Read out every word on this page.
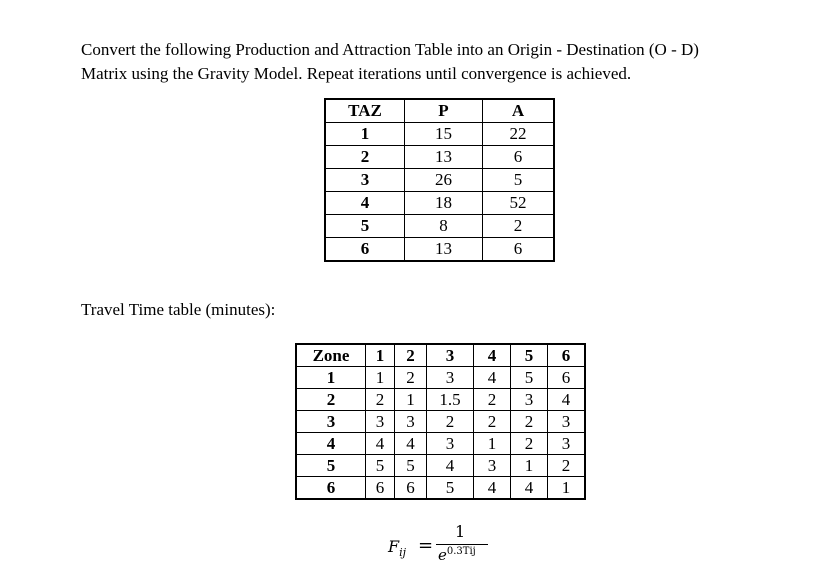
Convert the following Production and Attraction Table into an Origin - Destination (O - D)

Matrix using the Gravity Model. Repeat iterations until convergence is achieved.

TAZ	P	A
1	15	22
2	13	6
3	26	5
4	18	52
5	8	2
6	13	6
Travel Time table (minutes):
Zone	1	2	3	4	5	6
1	1	2	3	4	5	6
2	2	1	1.5	2	3	4
3	3	3	2	2	2	3
4	4	4	3	1	2	3
5	5	5	4	3	1	2
6	6	6	5	4	4	1
$F_{ij}$ =
1
$e^{0.3Tij}$
